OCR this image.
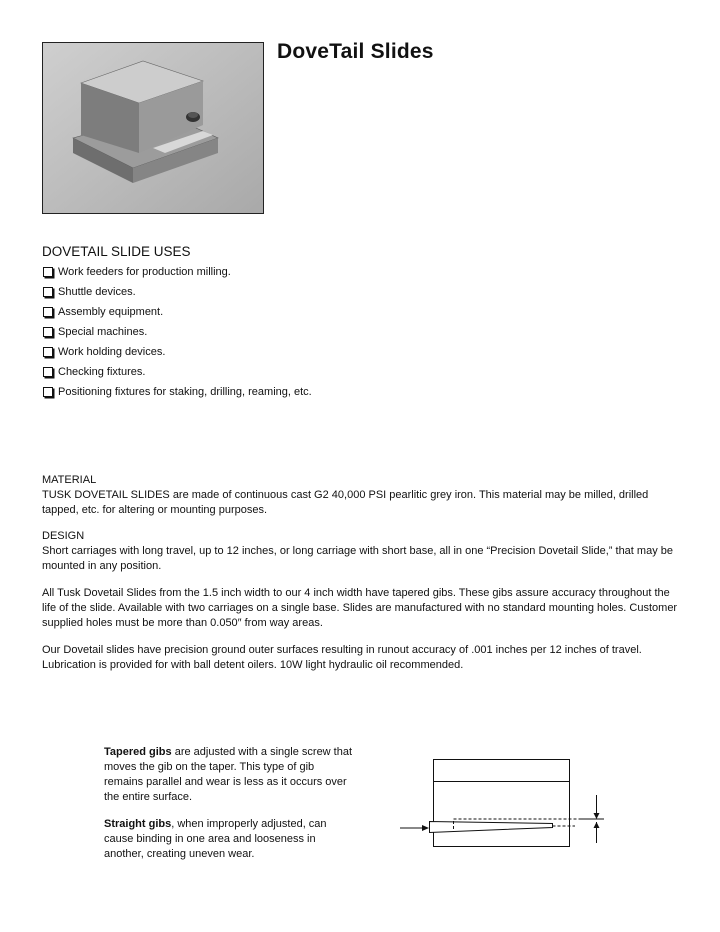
DoveTail Slides
DOVETAIL SLIDE USES
Work feeders for production milling.
Shuttle devices.
Assembly equipment.
Special machines.
Work holding devices.
Checking fixtures.
Positioning fixtures for staking, drilling, reaming, etc.

MATERIAL

TUSK DOVETAIL SLIDES are made of continuous cast G2 40,000 PSI pearlitic grey iron. This material may be milled, drilled tapped, etc. for altering or mounting purposes.

DESIGN

Short carriages with long travel, up to 12 inches, or long carriage with short base, all in one “Precision Dovetail Slide,” that may be mounted in any position.

All Tusk Dovetail Slides from the 1.5 inch width to our 4 inch width have tapered gibs. These gibs assure accuracy throughout the life of the slide. Available with two carriages on a single base. Slides are manufactured with no standard mounting holes. Customer supplied holes must be more than 0.050″ from way areas.
Our Dovetail slides have precision ground outer surfaces resulting in runout accuracy of .001 inches per 12 inches of travel. Lubrication is provided for with ball detent oilers. 10W light hydraulic oil recommended.

Tapered gibs are adjusted with a single screw that moves the gib on the taper. This type of gib remains parallel and wear is less as it occurs over the entire surface.

Straight gibs, when improperly adjusted, can cause binding in one area and looseness in another, creating uneven wear.
